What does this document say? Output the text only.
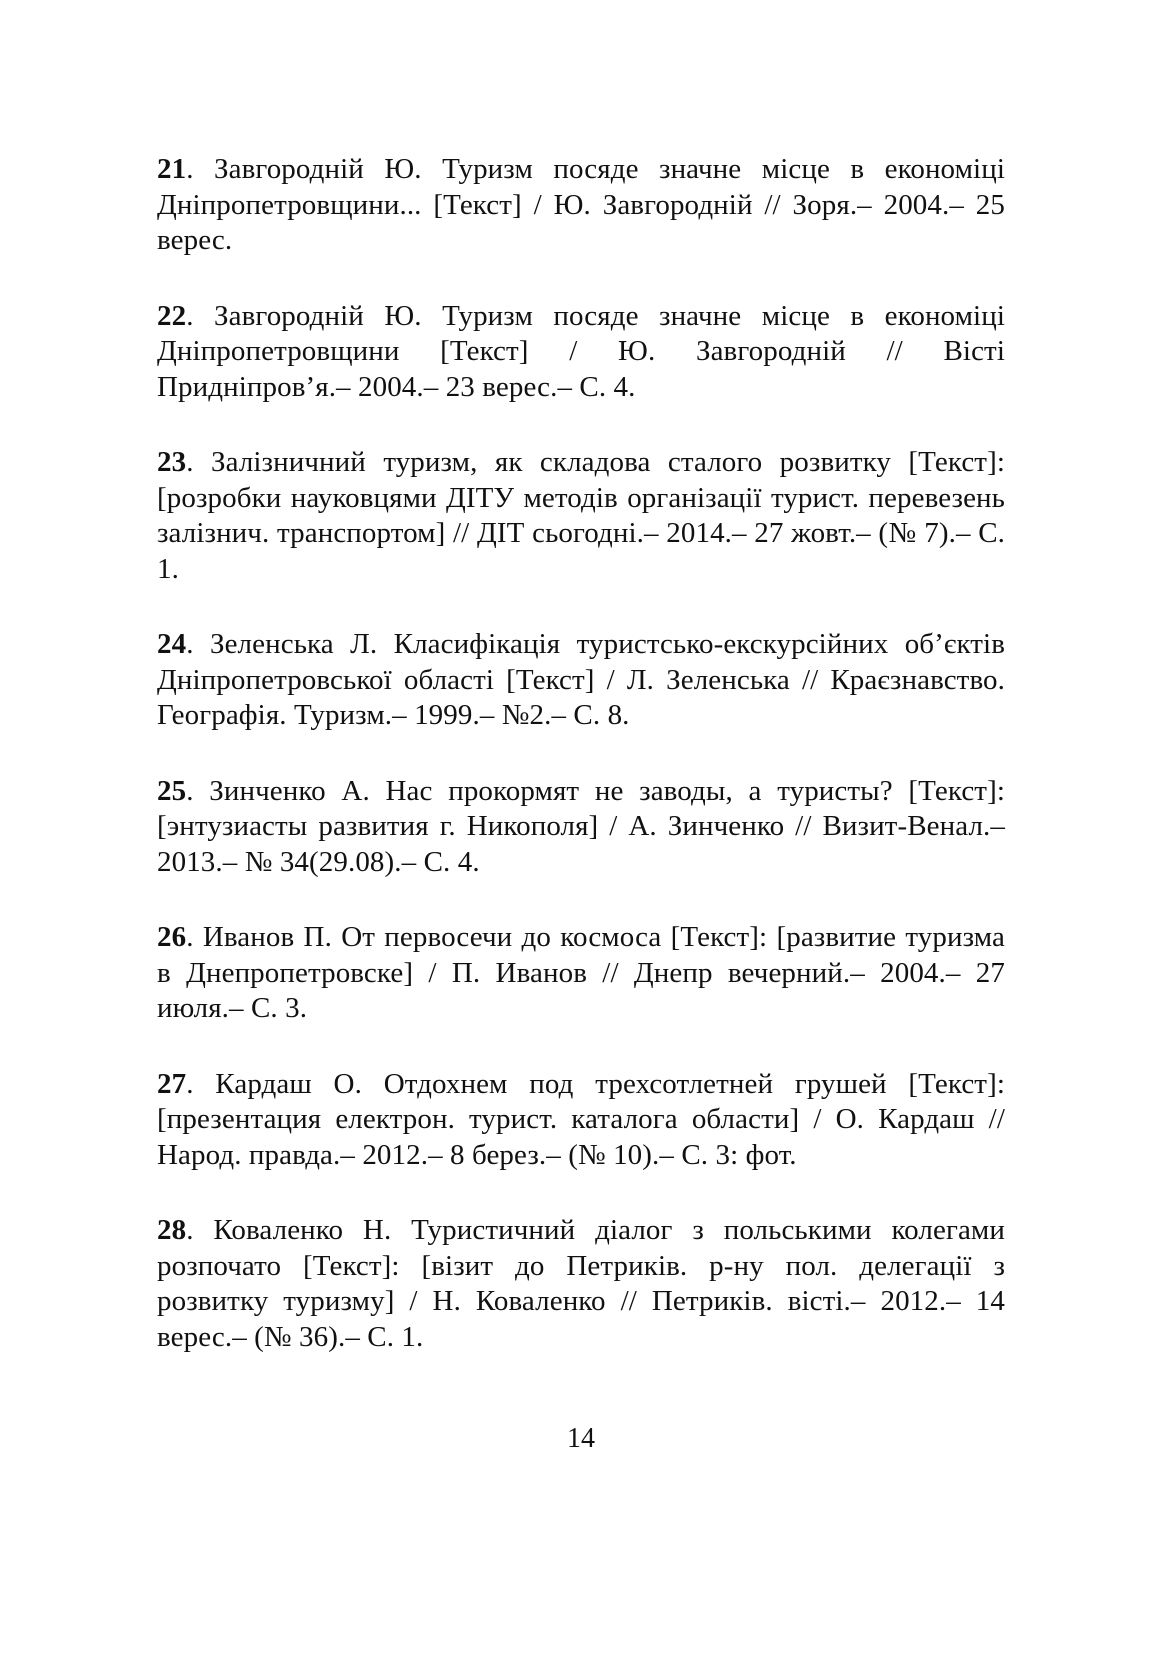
21. Завгородній Ю. Туризм посяде значне місце в економіці Дніпропетровщини... [Текст] / Ю. Завгородній // Зоря.– 2004.– 25 верес.

22. Завгородній Ю. Туризм посяде значне місце в економіці Дніпропетровщини [Текст] / Ю. Завгородній // Вісті Придніпров’я.– 2004.– 23 верес.– С. 4.

23. Залізничний туризм, як складова сталого розвитку [Текст]: [розробки науковцями ДІТУ методів організації турист. перевезень залізнич. транспортом] // ДІТ сьогодні.– 2014.– 27 жовт.– (№ 7).– С. 1.

24. Зеленська Л. Класифікація туристсько-екскурсійних об’єктів Дніпропетровської області [Текст] / Л. Зеленська // Краєзнавство. Географія. Туризм.– 1999.– №2.– С. 8.

25. Зинченко А. Нас прокормят не заводы, а туристы? [Текст]: [энтузиасты развития г. Никополя] / А. Зинченко // Визит-Венал.– 2013.– № 34(29.08).– С. 4.

26. Иванов П. От первосечи до космоса [Текст]: [развитие туризма в Днепропетровске] / П. Иванов // Днепр вечерний.– 2004.– 27 июля.– С. 3.

27. Кардаш О. Отдохнем под трехсотлетней грушей [Текст]: [презентация електрон. турист. каталога области] / О. Кардаш // Народ. правда.– 2012.– 8 берез.– (№ 10).– С. 3: фот.

28. Коваленко Н. Туристичний діалог з польськими колегами розпочато [Текст]: [візит до Петриків. р-ну пол. делегації з розвитку туризму] / Н. Коваленко // Петриків. вісті.– 2012.– 14 верес.– (№ 36).– С. 1.

14
